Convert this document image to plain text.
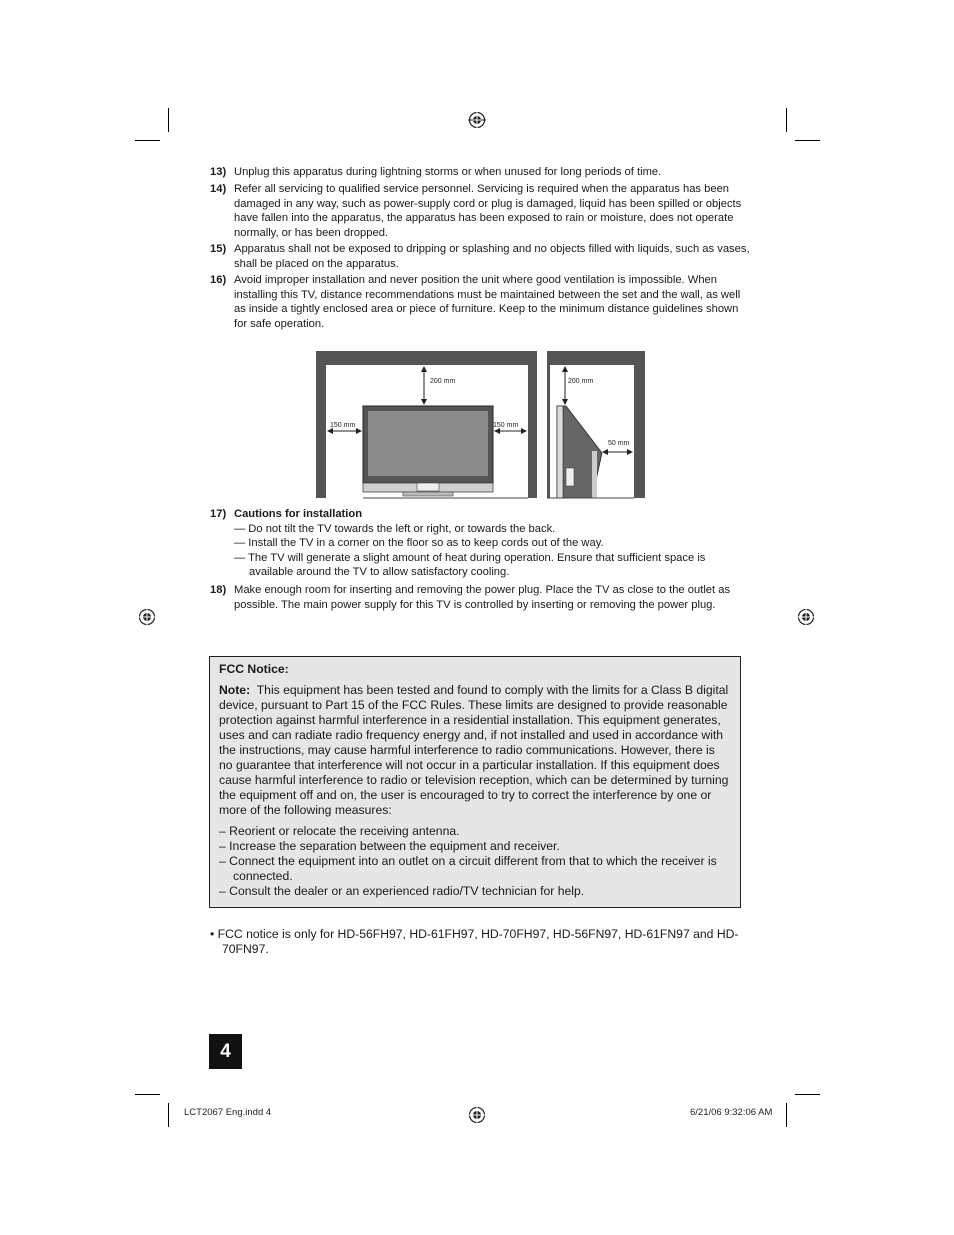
13) Unplug this apparatus during lightning storms or when unused for long periods of time.
14) Refer all servicing to qualified service personnel. Servicing is required when the apparatus has been damaged in any way, such as power-supply cord or plug is damaged, liquid has been spilled or objects have fallen into the apparatus, the apparatus has been exposed to rain or moisture, does not operate normally, or has been dropped.
15) Apparatus shall not be exposed to dripping or splashing and no objects filled with liquids, such as vases, shall be placed on the apparatus.
16) Avoid improper installation and never position the unit where good ventilation is impossible. When installing this TV, distance recommendations must be maintained between the set and the wall, as well as inside a tightly enclosed area or piece of furniture. Keep to the minimum distance guidelines shown for safe operation.
200 mm
150 mm	150 mm
200 mm
50 mm
17) Cautions for installation
— Do not tilt the TV towards the left or right, or towards the back.
— Install the TV in a corner on the floor so as to keep cords out of the way.
— The TV will generate a slight amount of heat during operation. Ensure that sufficient space is available around the TV to allow satisfactory cooling.
18) Make enough room for inserting and removing the power plug. Place the TV as close to the outlet as possible. The main power supply for this TV is controlled by inserting or removing the power plug.
FCC Notice:
Note: This equipment has been tested and found to comply with the limits for a Class B digital device, pursuant to Part 15 of the FCC Rules. These limits are designed to provide reasonable protection against harmful interference in a residential installation. This equipment generates, uses and can radiate radio frequency energy and, if not installed and used in accordance with the instructions, may cause harmful interference to radio communications. However, there is no guarantee that interference will not occur in a particular installation. If this equipment does cause harmful interference to radio or television reception, which can be determined by turning the equipment off and on, the user is encouraged to try to correct the interference by one or more of the following measures:
– Reorient or relocate the receiving antenna.
– Increase the separation between the equipment and receiver.
– Connect the equipment into an outlet on a circuit different from that to which the receiver is connected.
– Consult the dealer or an experienced radio/TV technician for help.
• FCC notice is only for HD-56FH97, HD-61FH97, HD-70FH97, HD-56FN97, HD-61FN97 and HD-70FN97.
4
LCT2067 Eng.indd 4	6/21/06 9:32:06 AM
